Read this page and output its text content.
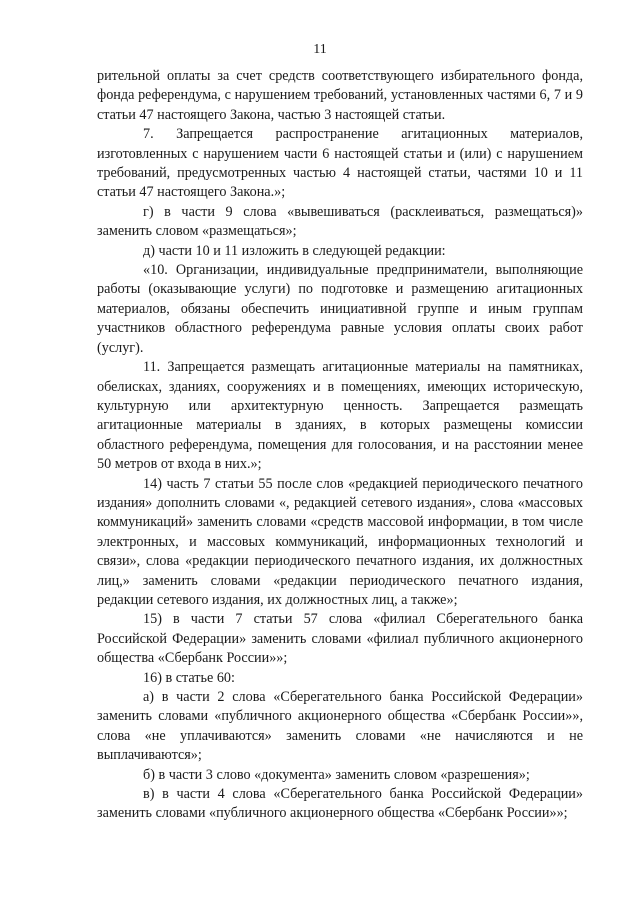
11

рительной оплаты за счет средств соответствующего избирательного фонда, фонда референдума, с нарушением требований, установленных частями 6, 7 и 9 статьи 47 настоящего Закона, частью 3 настоящей статьи.

7. Запрещается распространение агитационных материалов, изготовленных с нарушением части 6 настоящей статьи и (или) с нарушением требований, предусмотренных частью 4 настоящей статьи, частями 10 и 11 статьи 47 настоящего Закона.»;

г) в части 9 слова «вывешиваться (расклеиваться, размещаться)» заменить словом «размещаться»;

д) части 10 и 11 изложить в следующей редакции:

«10. Организации, индивидуальные предприниматели, выполняющие работы (оказывающие услуги) по подготовке и размещению агитационных материалов, обязаны обеспечить инициативной группе и иным группам участников областного референдума равные условия оплаты своих работ (услуг).

11. Запрещается размещать агитационные материалы на памятниках, обелисках, зданиях, сооружениях и в помещениях, имеющих историческую, культурную или архитектурную ценность. Запрещается размещать агитационные материалы в зданиях, в которых размещены комиссии областного референдума, помещения для голосования, и на расстоянии менее 50 метров от входа в них.»;

14) часть 7 статьи 55 после слов «редакцией периодического печатного издания» дополнить словами «, редакцией сетевого издания», слова «массовых коммуникаций» заменить словами «средств массовой информации, в том числе электронных, и массовых коммуникаций, информационных технологий и связи», слова «редакции периодического печатного издания, их должностных лиц,» заменить словами «редакции периодического печатного издания, редакции сетевого издания, их должностных лиц, а также»;

15) в части 7 статьи 57 слова «филиал Сберегательного банка Российской Федерации» заменить словами «филиал публичного акционерного общества «Сбербанк России»»;

16) в статье 60:

а) в части 2 слова «Сберегательного банка Российской Федерации» заменить словами «публичного акционерного общества «Сбербанк России»», слова «не уплачиваются» заменить словами «не начисляются и не выплачиваются»;

б) в части 3 слово «документа» заменить словом «разрешения»;

в) в части 4 слова «Сберегательного банка Российской Федерации» заменить словами «публичного акционерного общества «Сбербанк России»»;
